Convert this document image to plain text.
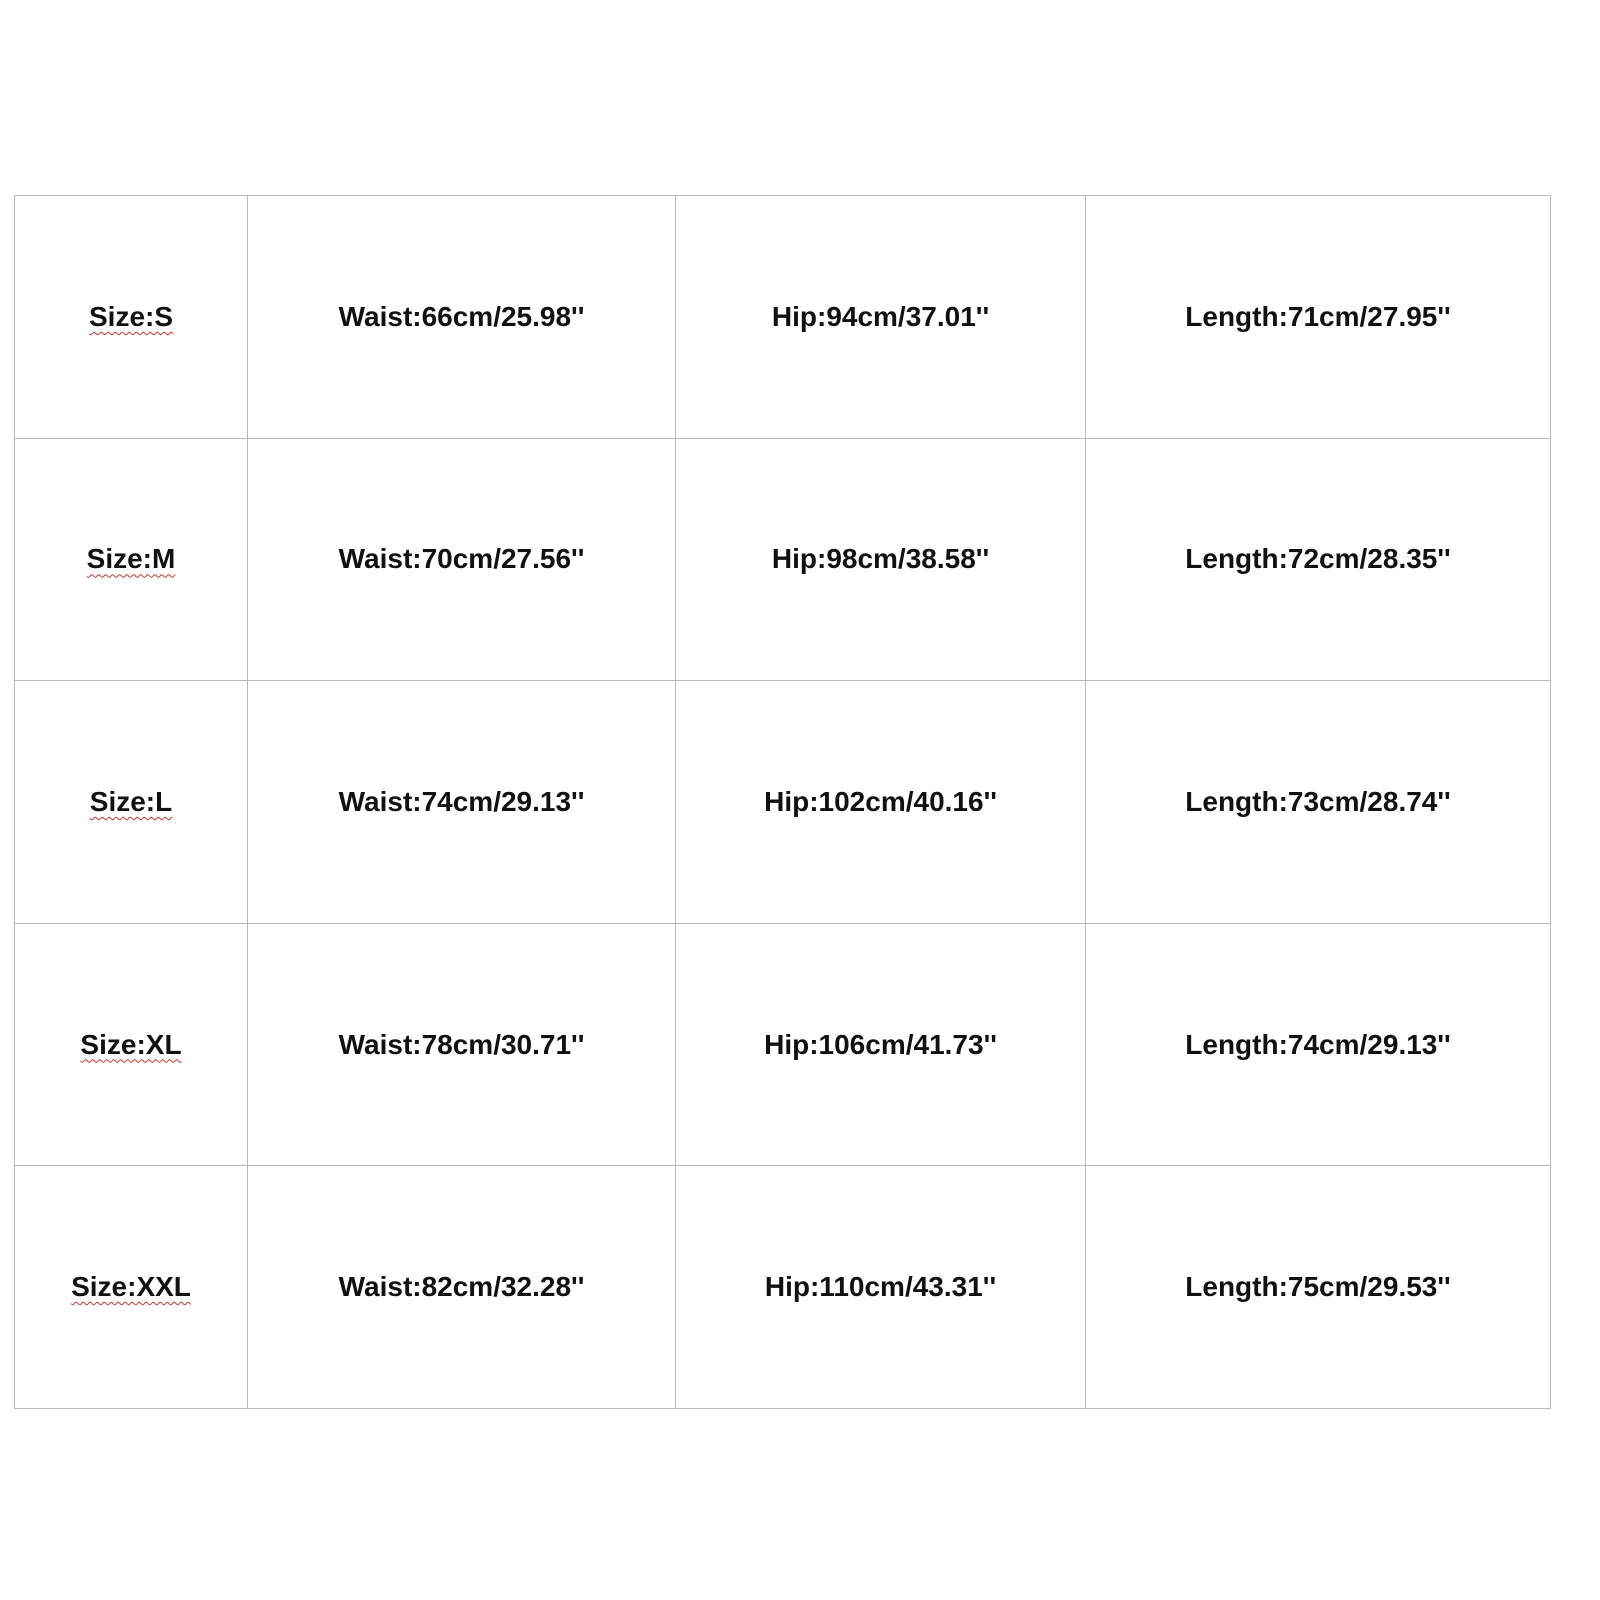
Size:S	Waist:66cm/25.98''	Hip:94cm/37.01''	Length:71cm/27.95''
Size:M	Waist:70cm/27.56''	Hip:98cm/38.58''	Length:72cm/28.35''
Size:L	Waist:74cm/29.13''	Hip:102cm/40.16''	Length:73cm/28.74''
Size:XL	Waist:78cm/30.71''	Hip:106cm/41.73''	Length:74cm/29.13''
Size:XXL	Waist:82cm/32.28''	Hip:110cm/43.31''	Length:75cm/29.53''
